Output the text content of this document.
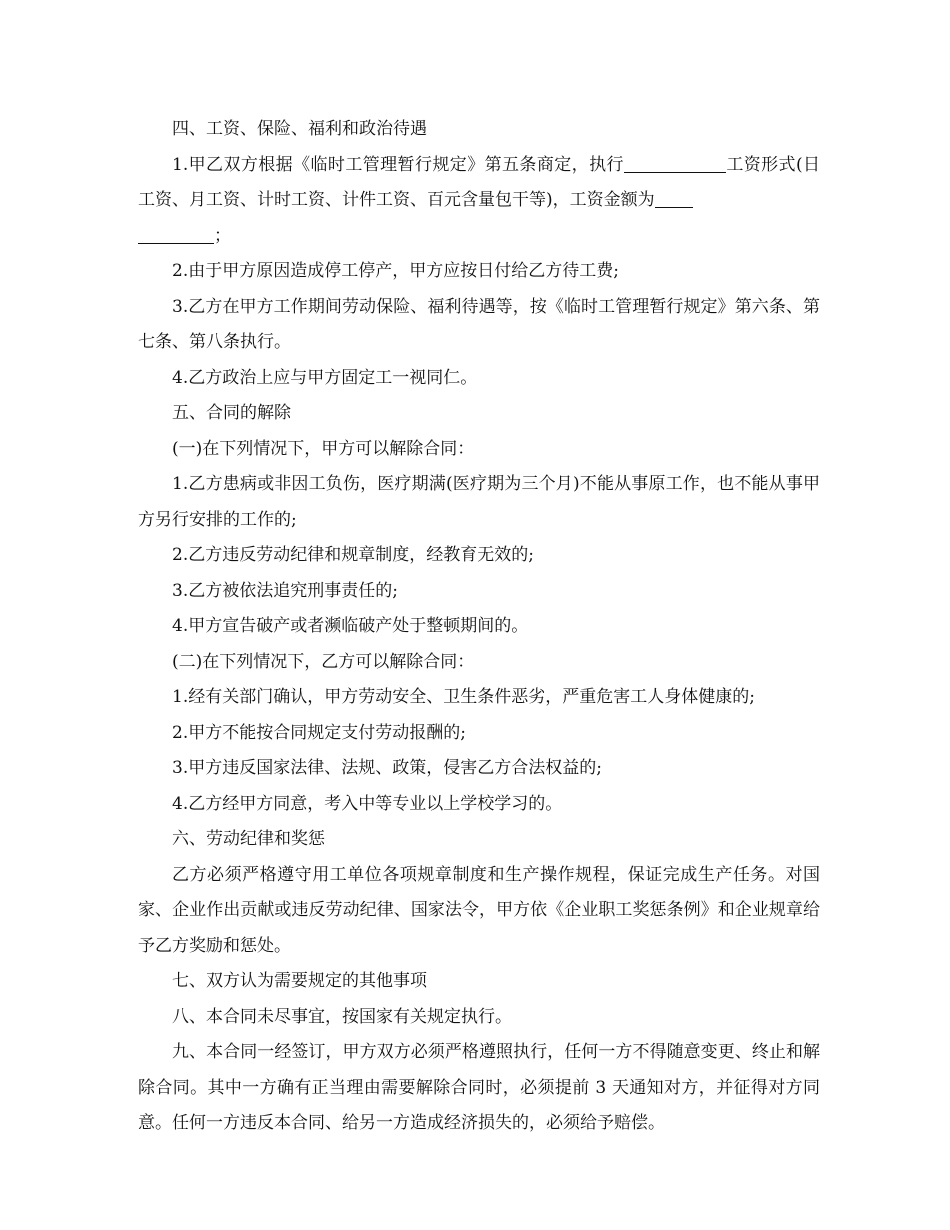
四、工资、保险、福利和政治待遇

1.甲乙双方根据《临时工管理暂行规定》第五条商定，执行	工资形式(日工资、月工资、计时工资、计件工资、百元含量包干等)，工资金额为

；

2.由于甲方原因造成停工停产，甲方应按日付给乙方待工费;

3.乙方在甲方工作期间劳动保险、福利待遇等，按《临时工管理暂行规定》第六条、第七条、第八条执行。

4.乙方政治上应与甲方固定工一视同仁。

五、合同的解除

(一)在下列情况下，甲方可以解除合同：

1.乙方患病或非因工负伤，医疗期满(医疗期为三个月)不能从事原工作，也不能从事甲方另行安排的工作的;

2.乙方违反劳动纪律和规章制度，经教育无效的;

3.乙方被依法追究刑事责任的;

4.甲方宣告破产或者濒临破产处于整顿期间的。

(二)在下列情况下，乙方可以解除合同：

1.经有关部门确认，甲方劳动安全、卫生条件恶劣，严重危害工人身体健康的;

2.甲方不能按合同规定支付劳动报酬的;

3.甲方违反国家法律、法规、政策，侵害乙方合法权益的;

4.乙方经甲方同意，考入中等专业以上学校学习的。

六、劳动纪律和奖惩

乙方必须严格遵守用工单位各项规章制度和生产操作规程，保证完成生产任务。对国家、企业作出贡献或违反劳动纪律、国家法令，甲方依《企业职工奖惩条例》和企业规章给予乙方奖励和惩处。

七、双方认为需要规定的其他事项

八、本合同未尽事宜，按国家有关规定执行。

九、本合同一经签订，甲方双方必须严格遵照执行，任何一方不得随意变更、终止和解除合同。其中一方确有正当理由需要解除合同时，必须提前 3 天通知对方，并征得对方同意。任何一方违反本合同、给另一方造成经济损失的，必须给予赔偿。
